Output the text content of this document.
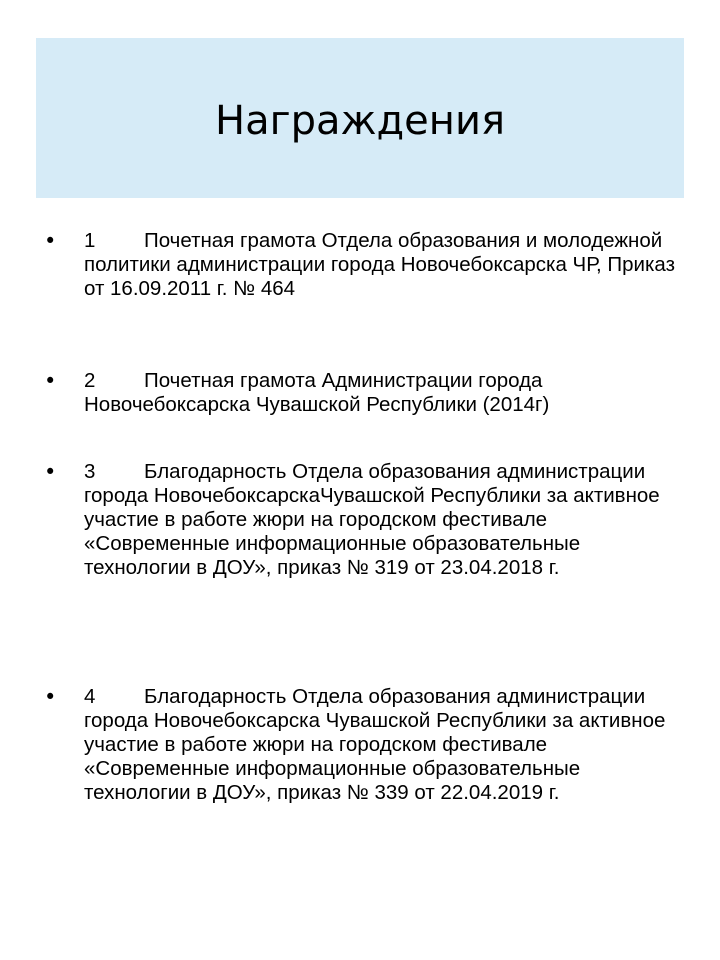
Награждения
• 1 Почетная грамота Отдела образования и молодежной политики администрации города Новочебоксарска ЧР, Приказ от 16.09.2011 г. № 464
• 2 Почетная грамота Администрации города Новочебоксарска Чувашской Республики (2014г)
• 3 Благодарность Отдела образования администрации города НовочебоксарскаЧувашской Республики за активное участие в работе жюри на городском фестивале «Современные информационные образовательные технологии в ДОУ», приказ № 319 от 23.04.2018 г.
• 4 Благодарность Отдела образования администрации города Новочебоксарска Чувашской Республики за активное участие в работе жюри на городском фестивале «Современные информационные образовательные технологии в ДОУ», приказ № 339 от 22.04.2019 г.
